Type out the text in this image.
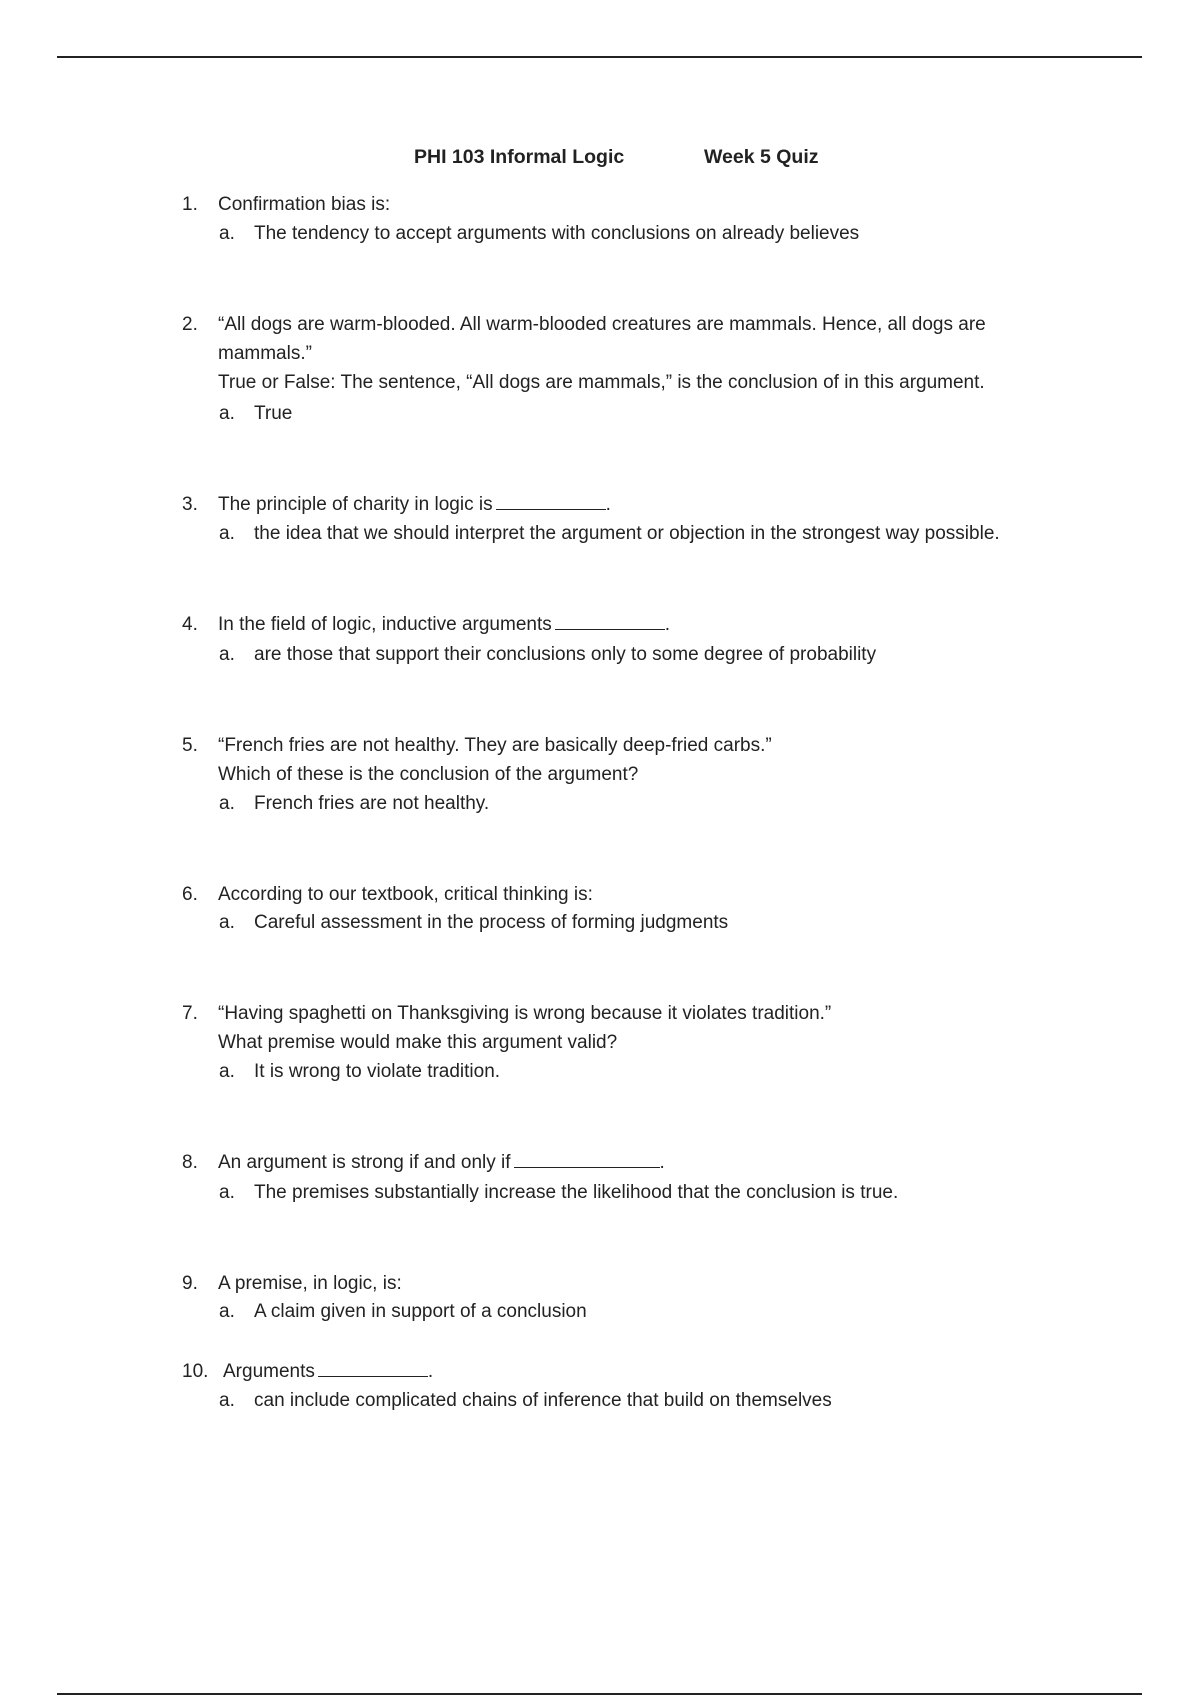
PHI 103 Informal Logic	Week 5 Quiz
1. Confirmation bias is:
a. The tendency to accept arguments with conclusions on already believes
2. “All dogs are warm-blooded. All warm-blooded creatures are mammals. Hence, all dogs are
mammals.”
True or False: The sentence, “All dogs are mammals,” is the conclusion of in this argument.
a. True
3. The principle of charity in logic is	.
a. the idea that we should interpret the argument or objection in the strongest way possible.
4. In the field of logic, inductive arguments	.
a. are those that support their conclusions only to some degree of probability
5. “French fries are not healthy. They are basically deep-fried carbs.”
Which of these is the conclusion of the argument?
a. French fries are not healthy.
6. According to our textbook, critical thinking is:
a. Careful assessment in the process of forming judgments
7. “Having spaghetti on Thanksgiving is wrong because it violates tradition.”
What premise would make this argument valid?
a. It is wrong to violate tradition.
8. An argument is strong if and only if	.
a. The premises substantially increase the likelihood that the conclusion is true.
9. A premise, in logic, is:
a. A claim given in support of a conclusion
10. Arguments	.
a. can include complicated chains of inference that build on themselves
